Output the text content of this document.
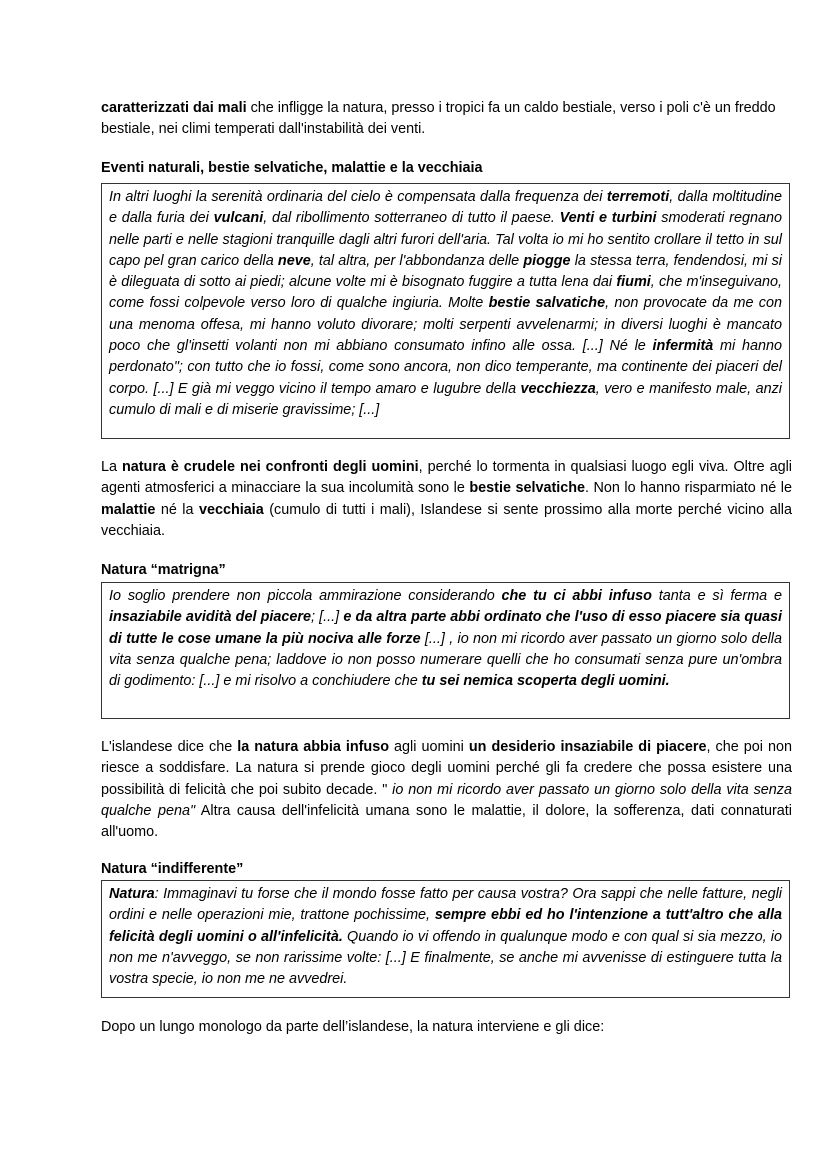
caratterizzati dai mali che infligge la natura, presso i tropici fa un caldo bestiale, verso i poli c'è un freddo bestiale, nei climi temperati dall'instabilità dei venti.

Eventi naturali, bestie selvatiche, malattie e la vecchiaia
In altri luoghi la serenità ordinaria del cielo è compensata dalla frequenza dei terremoti, dalla moltitudine e dalla furia dei vulcani, dal ribollimento sotterraneo di tutto il paese. Venti e turbini smoderati regnano nelle parti e nelle stagioni tranquille dagli altri furori dell'aria. Tal volta io mi ho sentito crollare il tetto in sul capo pel gran carico della neve, tal altra, per l'abbondanza delle piogge la stessa terra, fendendosi, mi si è dileguata di sotto ai piedi; alcune volte mi è bisognato fuggire a tutta lena dai fiumi, che m'inseguivano, come fossi colpevole verso loro di qualche ingiuria. Molte bestie salvatiche, non provocate da me con una menoma offesa, mi hanno voluto divorare; molti serpenti avvelenarmi; in diversi luoghi è mancato poco che gl'insetti volanti non mi abbiano consumato infino alle ossa. [...] Né le infermità mi hanno perdonato"; con tutto che io fossi, come sono ancora, non dico temperante, ma continente dei piaceri del corpo. [...] E già mi veggo vicino il tempo amaro e lugubre della vecchiezza, vero e manifesto male, anzi cumulo di mali e di miserie gravissime; [...]

La natura è crudele nei confronti degli uomini, perché lo tormenta in qualsiasi luogo egli viva. Oltre agli agenti atmosferici a minacciare la sua incolumità sono le bestie selvatiche. Non lo hanno risparmiato né le malattie né la vecchiaia (cumulo di tutti i mali), Islandese si sente prossimo alla morte perché vicino alla vecchiaia.

Natura “matrigna”
Io soglio prendere non piccola ammirazione considerando che tu ci abbi infuso tanta e sì ferma e insaziabile avidità del piacere; [...] e da altra parte abbi ordinato che l'uso di esso piacere sia quasi di tutte le cose umane la più nociva alle forze [...] , io non mi ricordo aver passato un giorno solo della vita senza qualche pena; laddove io non posso numerare quelli che ho consumati senza pure un'ombra di godimento: [...] e mi risolvo a conchiudere che tu sei nemica scoperta degli uomini.

L'islandese dice che la natura abbia infuso agli uomini un desiderio insaziabile di piacere, che poi non riesce a soddisfare. La natura si prende gioco degli uomini perché gli fa credere che possa esistere una possibilità di felicità che poi subito decade. " io non mi ricordo aver passato un giorno solo della vita senza qualche pena" Altra causa dell'infelicità umana sono le malattie, il dolore, la sofferenza, dati connaturati all'uomo.

Natura “indifferente”
Natura: Immaginavi tu forse che il mondo fosse fatto per causa vostra? Ora sappi che nelle fatture, negli ordini e nelle operazioni mie, trattone pochissime, sempre ebbi ed ho l'intenzione a tutt'altro che alla felicità degli uomini o all'infelicità. Quando io vi offendo in qualunque modo e con qual si sia mezzo, io non me n'avveggo, se non rarissime volte: [...] E finalmente, se anche mi avvenisse di estinguere tutta la vostra specie, io non me ne avvedrei.

Dopo un lungo monologo da parte dell’islandese, la natura interviene e gli dice:
